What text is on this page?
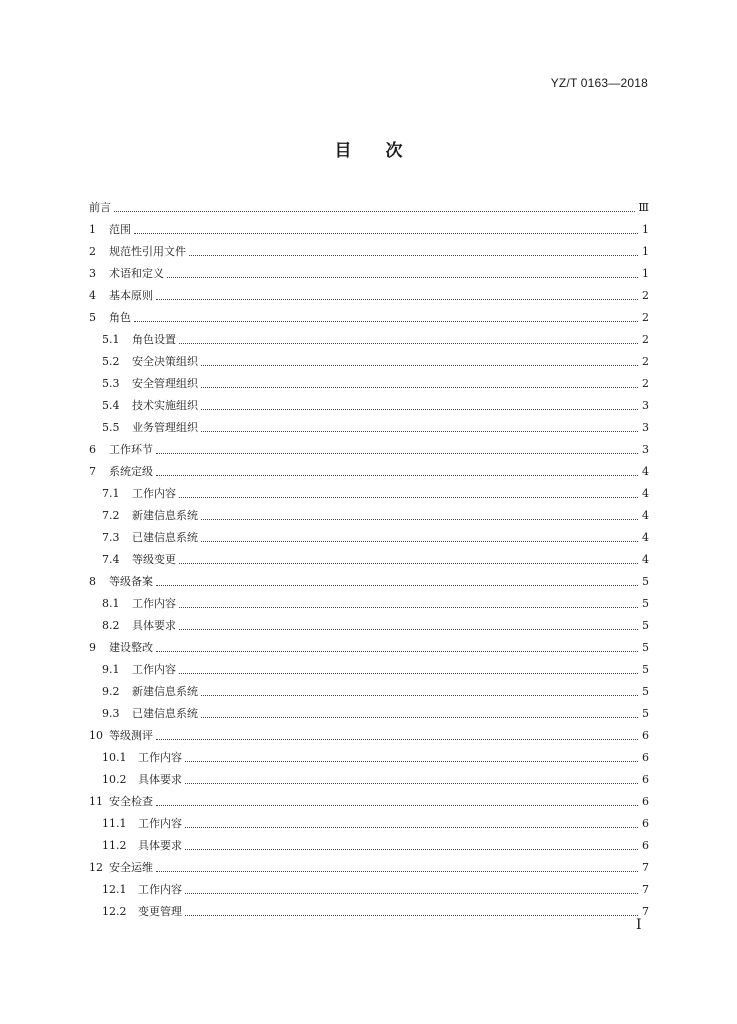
YZ/T 0163—2018
目　　次
前言	Ⅲ
1	范围	1
2	规范性引用文件	1
3	术语和定义	1
4	基本原则	2
5	角色	2
5.1	角色设置	2
5.2	安全决策组织	2
5.3	安全管理组织	2
5.4	技术实施组织	3
5.5	业务管理组织	3
6	工作环节	3
7	系统定级	4
7.1	工作内容	4
7.2	新建信息系统	4
7.3	已建信息系统	4
7.4	等级变更	4
8	等级备案	5
8.1	工作内容	5
8.2	具体要求	5
9	建设整改	5
9.1	工作内容	5
9.2	新建信息系统	5
9.3	已建信息系统	5
10 等级测评	6
10.1	工作内容	6
10.2	具体要求	6
11 安全检查	6
11.1	工作内容	6
11.2	具体要求	6
12 安全运维	7
12.1	工作内容	7
12.2	变更管理	7
Ⅰ
